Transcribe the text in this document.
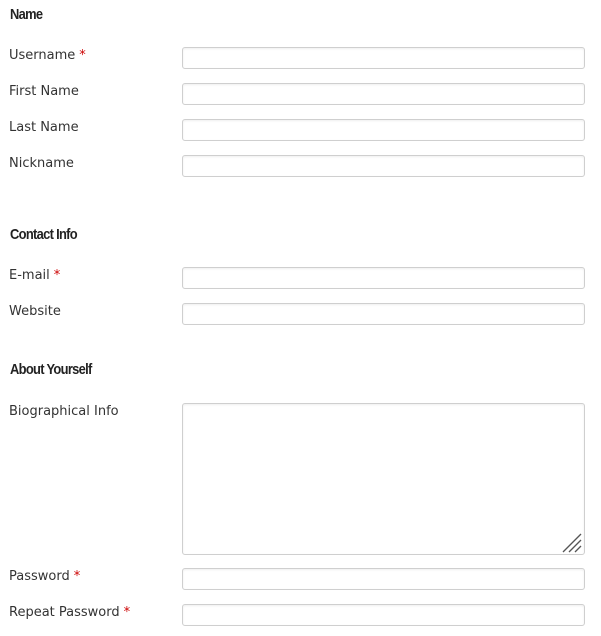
Name
Username *
First Name
Last Name
Nickname
Contact Info
E-mail *
Website
About Yourself
Biographical Info
Password *
Repeat Password *
